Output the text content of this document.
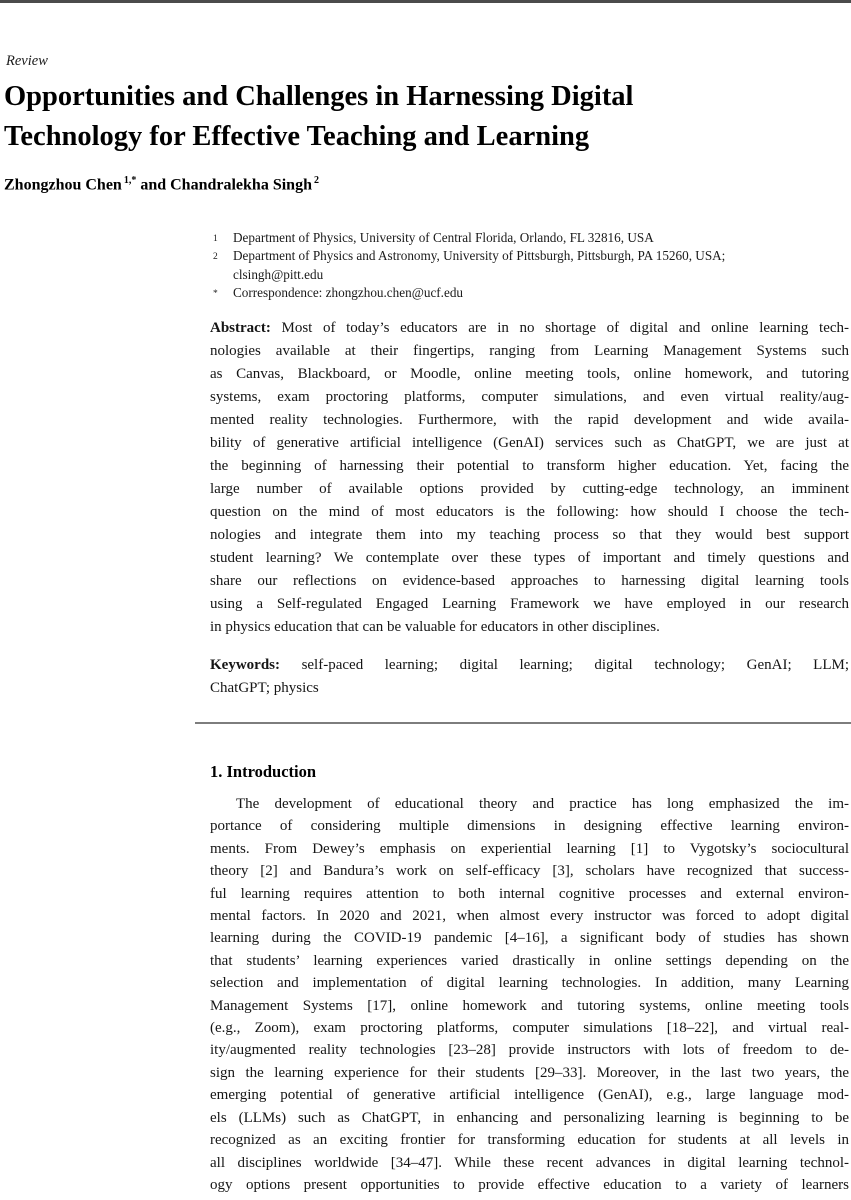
Review
Opportunities and Challenges in Harnessing Digital
Technology for Effective Teaching and Learning
Zhongzhou Chen $^{1,*}$ and Chandralekha Singh $^2$
1	Department of Physics, University of Central Florida, Orlando, FL 32816, USA
2	Department of Physics and Astronomy, University of Pittsburgh, Pittsburgh, PA 15260, USA;
clsingh@pitt.edu
*	Correspondence: zhongzhou.chen@ucf.edu
Abstract: Most of today’s educators are in no shortage of digital and online learning tech-
nologies available at their fingertips, ranging from Learning Management Systems such
as Canvas, Blackboard, or Moodle, online meeting tools, online homework, and tutoring
systems, exam proctoring platforms, computer simulations, and even virtual reality/aug-
mented reality technologies. Furthermore, with the rapid development and wide availa-
bility of generative artificial intelligence (GenAI) services such as ChatGPT, we are just at
the beginning of harnessing their potential to transform higher education. Yet, facing the
large number of available options provided by cutting-edge technology, an imminent
question on the mind of most educators is the following: how should I choose the tech-
nologies and integrate them into my teaching process so that they would best support
student learning? We contemplate over these types of important and timely questions and
share our reflections on evidence-based approaches to harnessing digital learning tools
using a Self-regulated Engaged Learning Framework we have employed in our research
in physics education that can be valuable for educators in other disciplines.
Keywords: self-paced learning; digital learning; digital technology; GenAI; LLM;
ChatGPT; physics
1. Introduction
The development of educational theory and practice has long emphasized the im-
portance of considering multiple dimensions in designing effective learning environ-
ments. From Dewey’s emphasis on experiential learning [1] to Vygotsky’s sociocultural
theory [2] and Bandura’s work on self-efficacy [3], scholars have recognized that success-
ful learning requires attention to both internal cognitive processes and external environ-
mental factors. In 2020 and 2021, when almost every instructor was forced to adopt digital
learning during the COVID-19 pandemic [4–16], a significant body of studies has shown
that students’ learning experiences varied drastically in online settings depending on the
selection and implementation of digital learning technologies. In addition, many Learning
Management Systems [17], online homework and tutoring systems, online meeting tools
(e.g., Zoom), exam proctoring platforms, computer simulations [18–22], and virtual real-
ity/augmented reality technologies [23–28] provide instructors with lots of freedom to de-
sign the learning experience for their students [29–33]. Moreover, in the last two years, the
emerging potential of generative artificial intelligence (GenAI), e.g., large language mod-
els (LLMs) such as ChatGPT, in enhancing and personalizing learning is beginning to be
recognized as an exciting frontier for transforming education for students at all levels in
all disciplines worldwide [34–47]. While these recent advances in digital learning technol-
ogy options present opportunities to provide effective education to a variety of learners
